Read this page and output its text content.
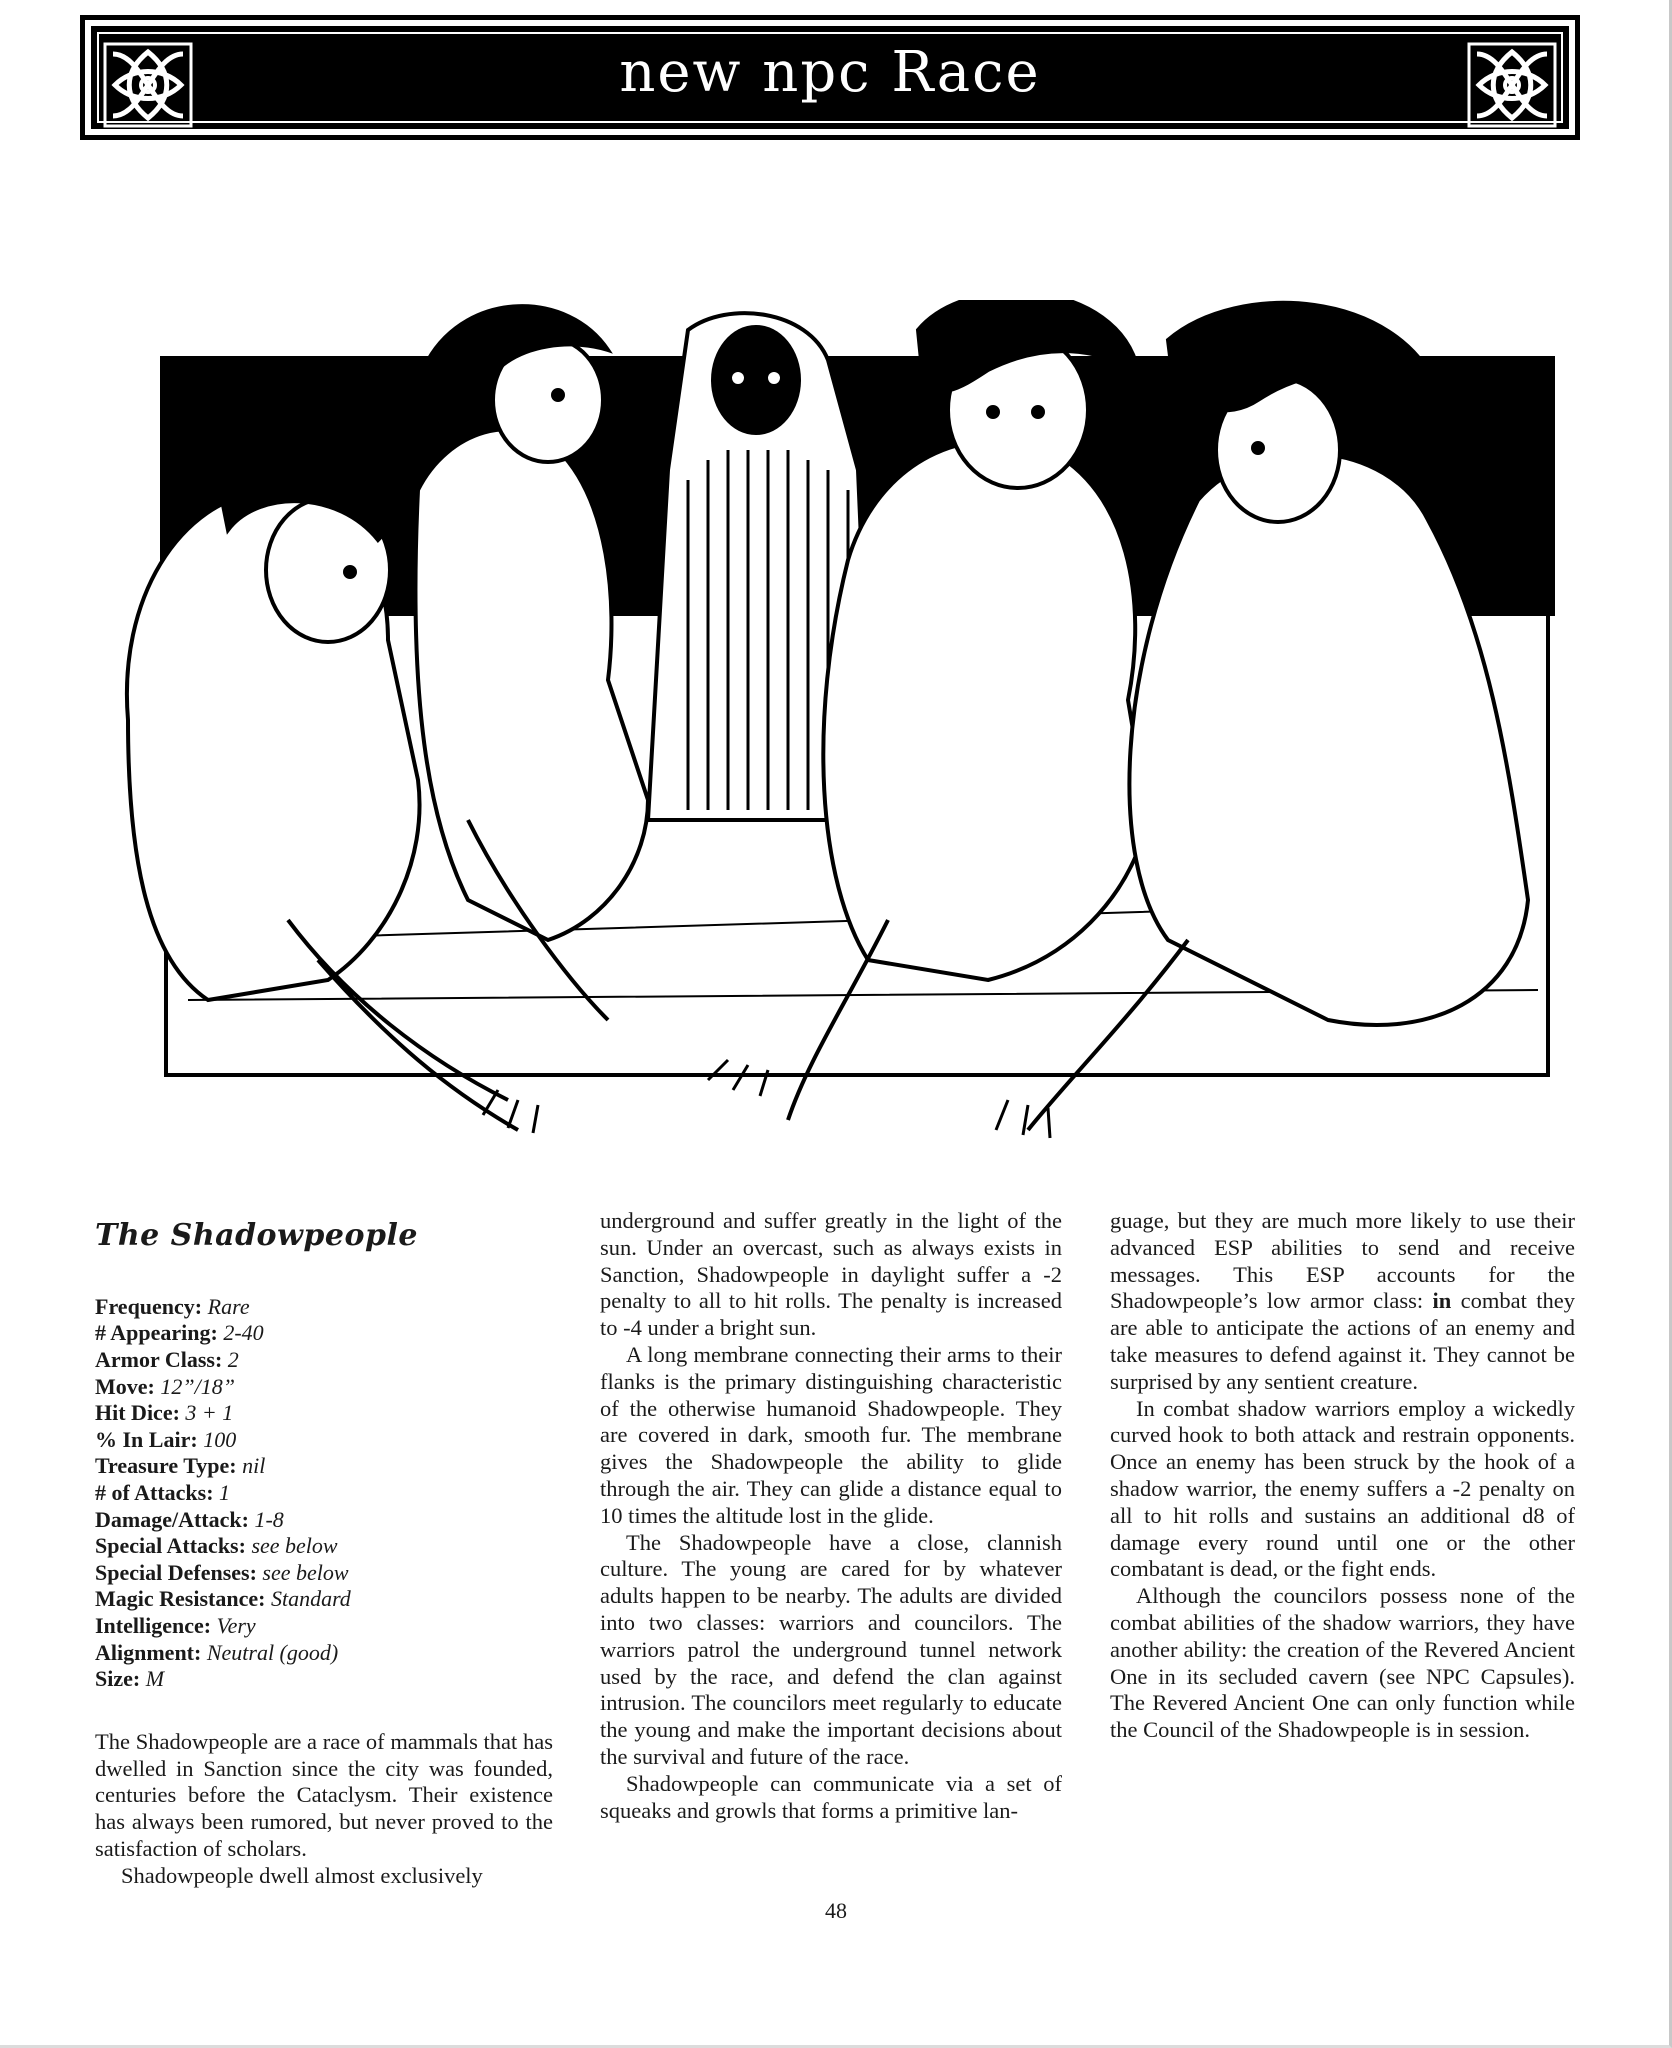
new npc Race
The Shadowpeople
Frequency: Rare
# Appearing: 2-40
Armor Class: 2
Move: 12”/18”
Hit Dice: 3 + 1
% In Lair: 100
Treasure Type: nil
# of Attacks: 1
Damage/Attack: 1-8
Special Attacks: see below
Special Defenses: see below
Magic Resistance: Standard
Intelligence: Very
Alignment: Neutral (good)
Size: M

The Shadowpeople are a race of mammals that has dwelled in Sanction since the city was founded, centuries before the Cataclysm. Their existence has always been rumored, but never proved to the satisfaction of scholars.

Shadowpeople dwell almost exclusively

underground and suffer greatly in the light of the sun. Under an overcast, such as always exists in Sanction, Shadowpeople in daylight suffer a -2 penalty to all to hit rolls. The penalty is increased to -4 under a bright sun.

A long membrane connecting their arms to their flanks is the primary distinguishing characteristic of the otherwise humanoid Shadowpeople. They are covered in dark, smooth fur. The membrane gives the Shadowpeople the ability to glide through the air. They can glide a distance equal to 10 times the altitude lost in the glide.

The Shadowpeople have a close, clannish culture. The young are cared for by whatever adults happen to be nearby. The adults are divided into two classes: warriors and councilors. The warriors patrol the underground tunnel network used by the race, and defend the clan against intrusion. The councilors meet regularly to educate the young and make the important decisions about the survival and future of the race.

Shadowpeople can communicate via a set of squeaks and growls that forms a primitive lan-

guage, but they are much more likely to use their advanced ESP abilities to send and receive messages. This ESP accounts for the Shadowpeople’s low armor class: in combat they are able to anticipate the actions of an enemy and take measures to defend against it. They cannot be surprised by any sentient creature.

In combat shadow warriors employ a wickedly curved hook to both attack and restrain opponents. Once an enemy has been struck by the hook of a shadow warrior, the enemy suffers a -2 penalty on all to hit rolls and sustains an additional d8 of damage every round until one or the other combatant is dead, or the fight ends.

Although the councilors possess none of the combat abilities of the shadow warriors, they have another ability: the creation of the Revered Ancient One in its secluded cavern (see NPC Capsules). The Revered Ancient One can only function while the Council of the Shadowpeople is in session.

48
